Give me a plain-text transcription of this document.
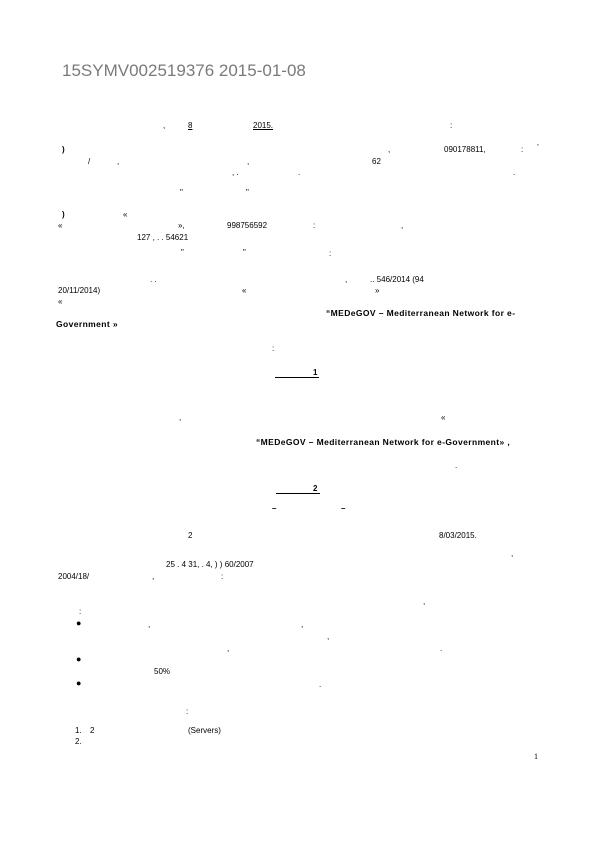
15SYMV002519376 2015-01-08
,	8	2015.	:
)	,	090178811,	: ’
/	,	,	62
, .	.	.
"	"
)	«
«	»,	998756592	:	,
127 , . . 54621
"	"	:
. .	,	.. 546/2014 (94
20/11/2014)	«	»
«
“MEDeGOV – Mediterranean Network for e-
Government »
:
1
,	«
“MEDeGOV – Mediterranean Network for e-Government» ,
.
2
–	–
2	8/03/2015.
,
25 . 4 31, . 4, ) ) 60/2007
2004/18/	,	:
,
:
●	,	,
,
,	.
●
50%
●	.
:
1. 2	(Servers)
2.
1
